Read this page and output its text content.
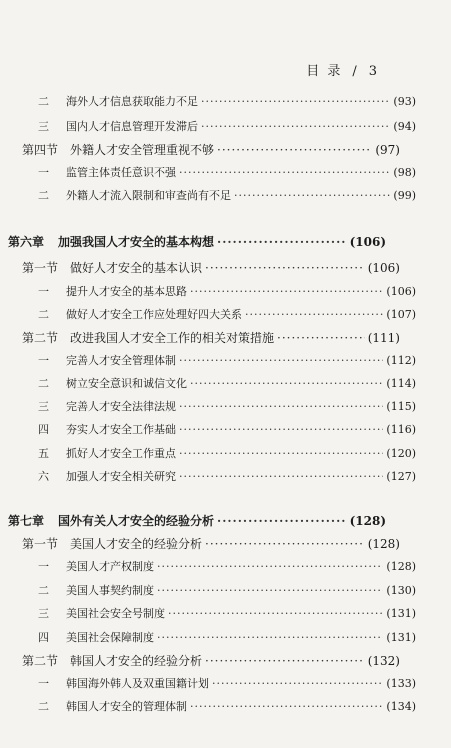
目 录 / 3
二	海外人才信息获取能力不足 ·····	(93)
三	国内人才信息管理开发滞后 ·····	(94)
第四节 外籍人才安全管理重视不够 ·····	(97)
一	监管主体责任意识不强 ·····	(98)
二	外籍人才流入限制和审查尚有不足 ·····	(99)
第六章	加强我国人才安全的基本构想 ·····	(106)
第一节 做好人才安全的基本认识 ·····	(106)
一	提升人才安全的基本思路 ·····	(106)
二	做好人才安全工作应处理好四大关系 ·····	(107)
第二节 改进我国人才安全工作的相关对策措施 ·····	(111)
一	完善人才安全管理体制 ·····	(112)
二	树立安全意识和诚信文化 ·····	(114)
三	完善人才安全法律法规 ·····	(115)
四	夯实人才安全工作基础 ·····	(116)
五	抓好人才安全工作重点 ·····	(120)
六	加强人才安全相关研究 ·····	(127)
第七章	国外有关人才安全的经验分析 ·····	(128)
第一节 美国人才安全的经验分析 ·····	(128)
一	美国人才产权制度 ·····	(128)
二	美国人事契约制度 ·····	(130)
三	美国社会安全号制度 ·····	(131)
四	美国社会保障制度 ·····	(131)
第二节 韩国人才安全的经验分析 ·····	(132)
一	韩国海外韩人及双重国籍计划 ·····	(133)
二	韩国人才安全的管理体制 ·····	(134)
